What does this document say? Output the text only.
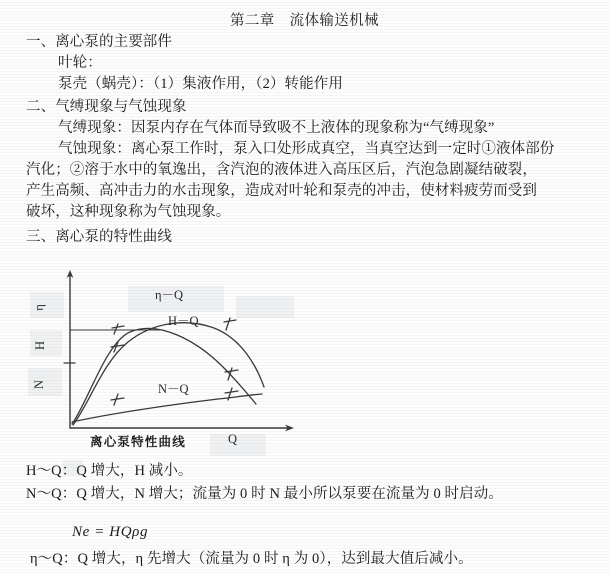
第二章　流体输送机械
一、离心泵的主要部件
叶轮：
泵壳（蜗壳）：（1）集液作用，（2）转能作用
二、气缚现象与气蚀现象
气缚现象：因泵内存在气体而导致吸不上液体的现象称为“气缚现象”
气蚀现象：离心泵工作时，泵入口处形成真空，当真空达到一定时①液体部份
汽化；②溶于水中的氧逸出，含汽泡的液体进入高压区后，汽泡急剧凝结破裂，
产生高频、高冲击力的水击现象，造成对叶轮和泵壳的冲击，使材料疲劳而受到
破坏，这种现象称为气蚀现象。
三、离心泵的特性曲线
η
H
N
η－Q
H－Q
N－Q
Q
离心泵特性曲线
H～Q：Q 增大，H 减小。
N～Q：Q 增大，N 增大；流量为 0 时 N 最小所以泵要在流量为 0 时启动。
Ne = HQρg
η～Q：Q 增大，η 先增大（流量为 0 时 η 为 0），达到最大值后减小。
